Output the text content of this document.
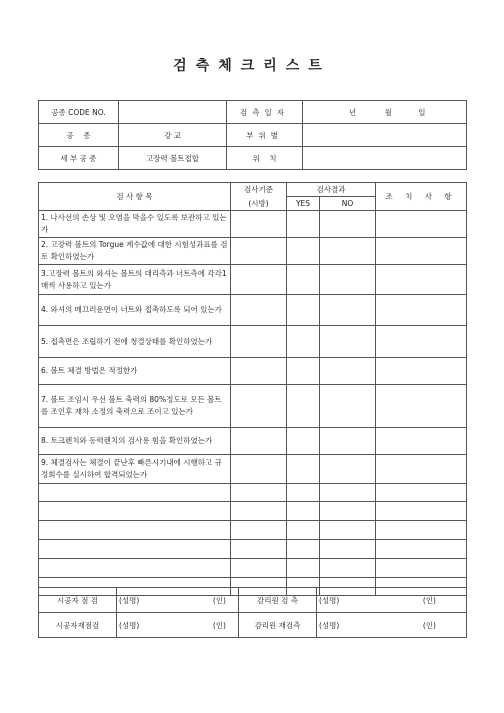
검측체크리스트
공종 CODE NO.		검측일자	년 월 일
공    종	강 교	부위별	
세 부 공 종	고장력 볼트접합	위    치	
검 사 항 목	검사기준	검사결과		조 치 사 항
	(시방)	YES	NO	
1. 나사선의 손상 및 오염을 막을수 있도록 보관하고 있는가				
2. 고장력 볼트의 Torgue 계수값에 대한 시험성과표를 검토 확인하였는가				
3.고장력 볼트의 와셔는 볼트의 대리측과 너트측에 각각1매씩 사용하고 있는가				
4. 와셔의 메끄러운면이 너트와 접촉하도록 되어 있는가				
5. 접촉면은 조립하기 전에 청결상태를 확인하였는가				
6. 볼트 체결 방법은 적정한가				
7. 볼트 조임시 우선 볼트 축력의 80%정도로 모든 볼트를 조인후 재차 소정의 축력으로 조이고 있는가				
8. 토크렌치와 동력렌치의 검사용 힘을 확인하였는가				
9. 체결검사는 체결이 끝난후 빠른시기내에 시행하고 규정회수를 실시하여 합격되었는가				

시공자 점 검	(성명)	(인)	감리원 검 측	(성명)	(인)
시공자재점검	(성명)	(인)	감리원 재검측	(성명)	(인)
